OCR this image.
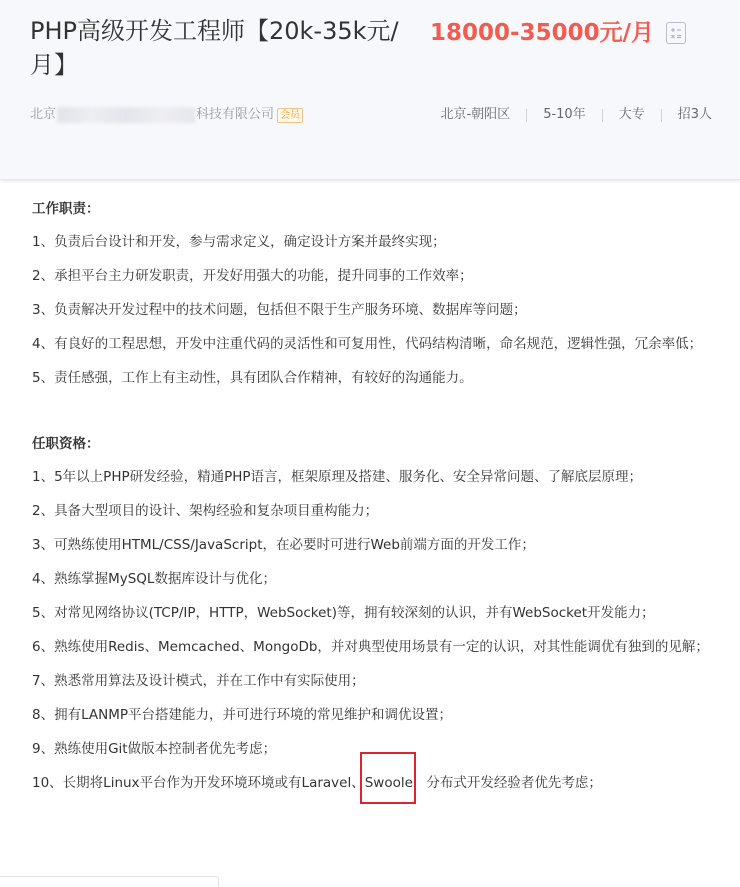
PHP高级开发工程师【20k-35k元/月】
18000-35000元/月
北京	科技有限公司 会员	北京-朝阳区	5-10年	大专	招3人
工作职责：
1、负责后台设计和开发，参与需求定义，确定设计方案并最终实现；
2、承担平台主力研发职责，开发好用强大的功能，提升同事的工作效率；
3、负责解决开发过程中的技术问题，包括但不限于生产服务环境、数据库等问题；
4、有良好的工程思想，开发中注重代码的灵活性和可复用性，代码结构清晰，命名规范，逻辑性强，冗余率低；
5、责任感强，工作上有主动性，具有团队合作精神，有较好的沟通能力。
任职资格：
1、5年以上PHP研发经验，精通PHP语言，框架原理及搭建、服务化、安全异常问题、了解底层原理；
2、具备大型项目的设计、架构经验和复杂项目重构能力；
3、可熟练使用HTML/CSS/JavaScript，在必要时可进行Web前端方面的开发工作；
4、熟练掌握MySQL数据库设计与优化；
5、对常见网络协议(TCP/IP，HTTP，WebSocket)等，拥有较深刻的认识，并有WebSocket开发能力；
6、熟练使用Redis、Memcached、MongoDb，并对典型使用场景有一定的认识，对其性能调优有独到的见解；
7、熟悉常用算法及设计模式，并在工作中有实际使用；
8、拥有LANMP平台搭建能力，并可进行环境的常见维护和调优设置；
9、熟练使用Git做版本控制者优先考虑；
10、长期将Linux平台作为开发环境环境或有Laravel、Swoole
，分布式开发经验者优先考虑；
